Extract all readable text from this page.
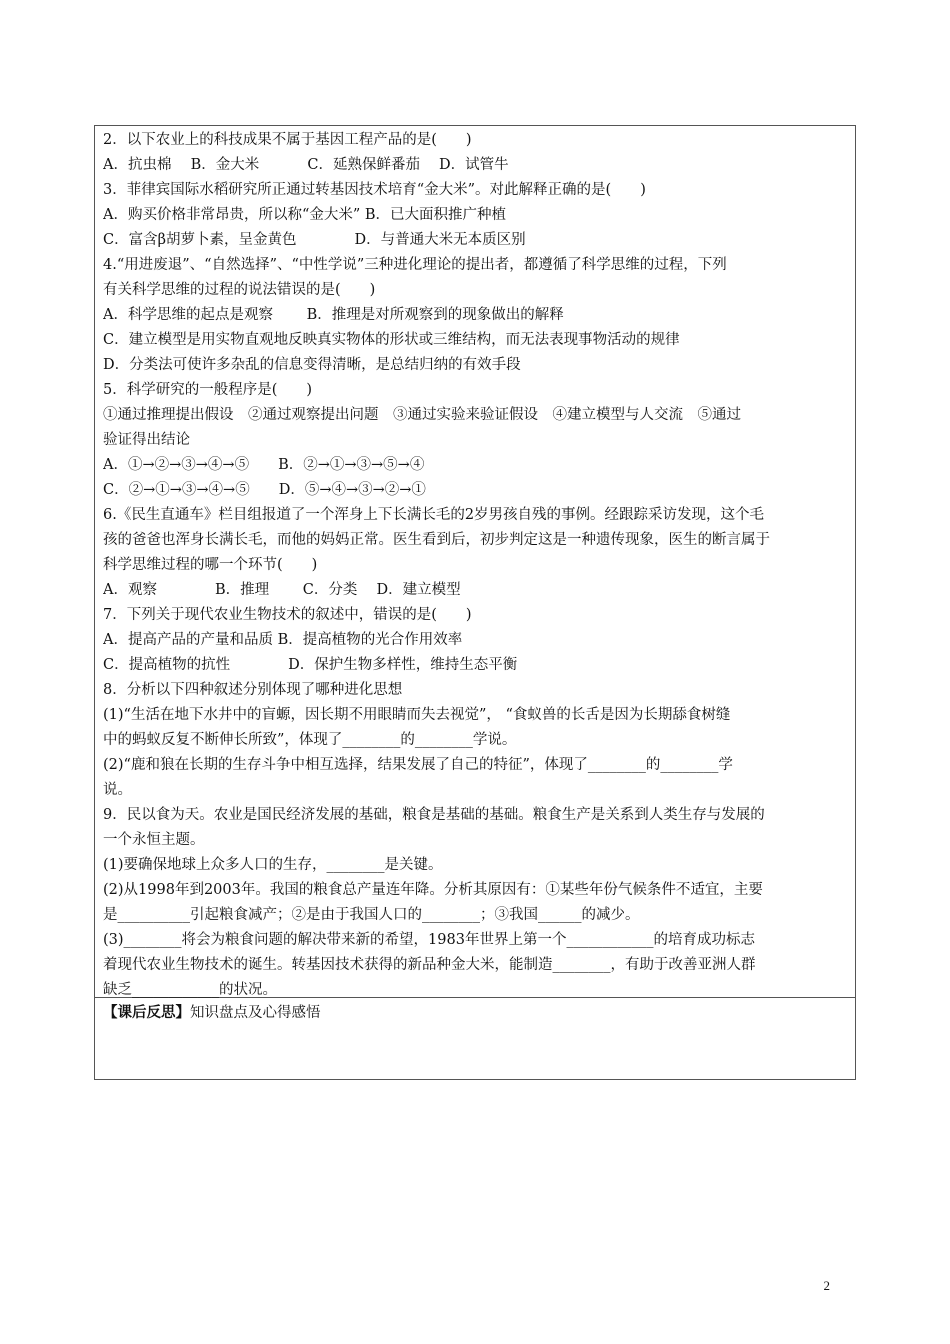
2．以下农业上的科技成果不属于基因工程产品的是(　　)
A．抗虫棉　 B．金大米　　　 C．延熟保鲜番茄　 D．试管牛
3．菲律宾国际水稻研究所正通过转基因技术培育“金大米”。对此解释正确的是(　　)
A．购买价格非常昂贵，所以称“金大米” B．已大面积推广种植
C．富含β胡萝卜素，呈金黄色　　　　D．与普通大米无本质区别
4.“用进废退”、“自然选择”、“中性学说”三种进化理论的提出者，都遵循了科学思维的过程，下列
有关科学思维的过程的说法错误的是(　　)
A．科学思维的起点是观察　　 B．推理是对所观察到的现象做出的解释
C．建立模型是用实物直观地反映真实物体的形状或三维结构，而无法表现事物活动的规律
D．分类法可使许多杂乱的信息变得清晰，是总结归纳的有效手段
5．科学研究的一般程序是(　　)
①通过推理提出假设　②通过观察提出问题　③通过实验来验证假设　④建立模型与人交流　⑤通过
验证得出结论
A．①→②→③→④→⑤　　B．②→①→③→⑤→④
C．②→①→③→④→⑤　　D．⑤→④→③→②→①
6.《民生直通车》栏目组报道了一个浑身上下长满长毛的2岁男孩自残的事例。经跟踪采访发现，这个毛
孩的爸爸也浑身长满长毛，而他的妈妈正常。医生看到后，初步判定这是一种遗传现象，医生的断言属于
科学思维过程的哪一个环节(　　)
A．观察　　　　B．推理　　 C．分类　 D．建立模型
7．下列关于现代农业生物技术的叙述中，错误的是(　　)
A．提高产品的产量和品质 B．提高植物的光合作用效率
C．提高植物的抗性　　　　D．保护生物多样性，维持生态平衡
8．分析以下四种叙述分别体现了哪种进化思想
(1)“生活在地下水井中的盲螈，因长期不用眼睛而失去视觉”， “食蚁兽的长舌是因为长期舔食树缝
中的蚂蚁反复不断伸长所致”，体现了________的________学说。
(2)“鹿和狼在长期的生存斗争中相互选择，结果发展了自己的特征”，体现了________的________学
说。
9．民以食为天。农业是国民经济发展的基础，粮食是基础的基础。粮食生产是关系到人类生存与发展的
一个永恒主题。
(1)要确保地球上众多人口的生存，________是关键。
(2)从1998年到2003年。我国的粮食总产量连年降。分析其原因有：①某些年份气候条件不适宜，主要
是__________引起粮食减产；②是由于我国人口的________；③我国______的减少。
(3)________将会为粮食问题的解决带来新的希望，1983年世界上第一个____________的培育成功标志
着现代农业生物技术的诞生。转基因技术获得的新品种金大米，能制造________，有助于改善亚洲人群
缺乏____________的状况。
【课后反思】知识盘点及心得感悟
2
